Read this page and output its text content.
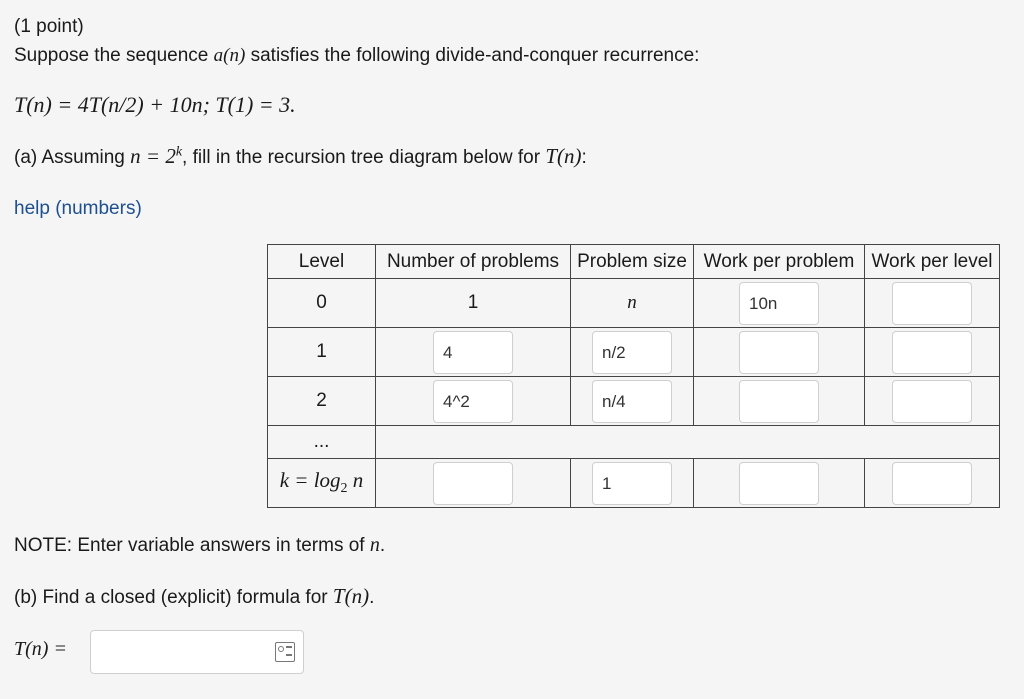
(1 point)
Suppose the sequence a(n) satisfies the following divide-and-conquer recurrence:
T(n) = 4T(n/2) + 10n; T(1) = 3.
(a) Assuming $n = 2^k$, fill in the recursion tree diagram below for T(n):
help (numbers)
Level	Number of problems	Problem size	Work per problem	Work per level
0	1	n	10n	
1	4	n/2		
2	4^2	n/4		
...				
$k = \log_2 n$		1		
NOTE: Enter variable answers in terms of n.
(b) Find a closed (explicit) formula for T(n).
T(n) =
